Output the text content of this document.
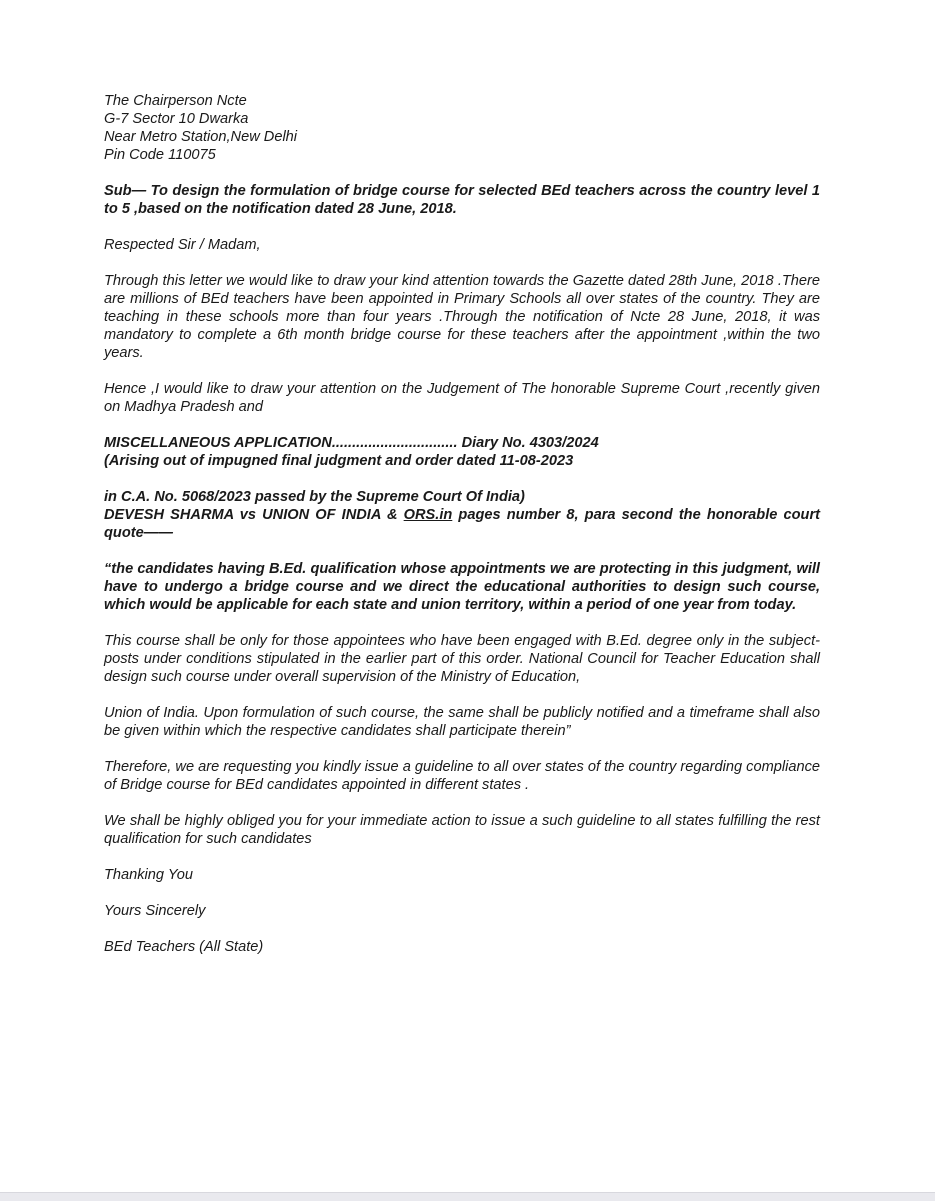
The Chairperson Ncte

G-7 Sector 10 Dwarka

Near Metro Station,New Delhi

Pin Code 110075

Sub— To design the formulation of bridge course for selected BEd teachers across the country level 1 to 5 ,based on the notification dated 28 June, 2018.

Respected Sir / Madam,

Through this letter we would like to draw your kind attention towards the Gazette dated 28th June, 2018 .There are millions of BEd teachers have been appointed in Primary Schools all over states of the country. They are teaching in these schools more than four years .Through the notification of Ncte 28 June, 2018, it was mandatory to complete a 6th month bridge course for these teachers after the appointment ,within the two years.

Hence ,I would like to draw your attention on the Judgement of The honorable Supreme Court ,recently given on Madhya Pradesh and

MISCELLANEOUS APPLICATION............................... Diary No. 4303/2024

(Arising out of impugned final judgment and order dated 11-08-2023

in C.A. No. 5068/2023 passed by the Supreme Court Of India)

DEVESH SHARMA vs UNION OF INDIA & ORS.in pages number 8, para second the honorable court quote——

“the candidates having B.Ed. qualification whose appointments we are protecting in this judgment, will have to undergo a bridge course and we direct the educational authorities to design such course, which would be applicable for each state and union territory, within a period of one year from today.

This course shall be only for those appointees who have been engaged with B.Ed. degree only in the subject-posts under conditions stipulated in the earlier part of this order. National Council for Teacher Education shall design such course under overall supervision of the Ministry of Education,

Union of India. Upon formulation of such course, the same shall be publicly notified and a timeframe shall also be given within which the respective candidates shall participate therein”

Therefore, we are requesting you kindly issue a guideline to all over states of the country regarding compliance of Bridge course for BEd candidates appointed in different states .

We shall be highly obliged you for your immediate action to issue a such guideline to all states fulfilling the rest qualification for such candidates

Thanking You

Yours Sincerely

BEd Teachers (All State)
